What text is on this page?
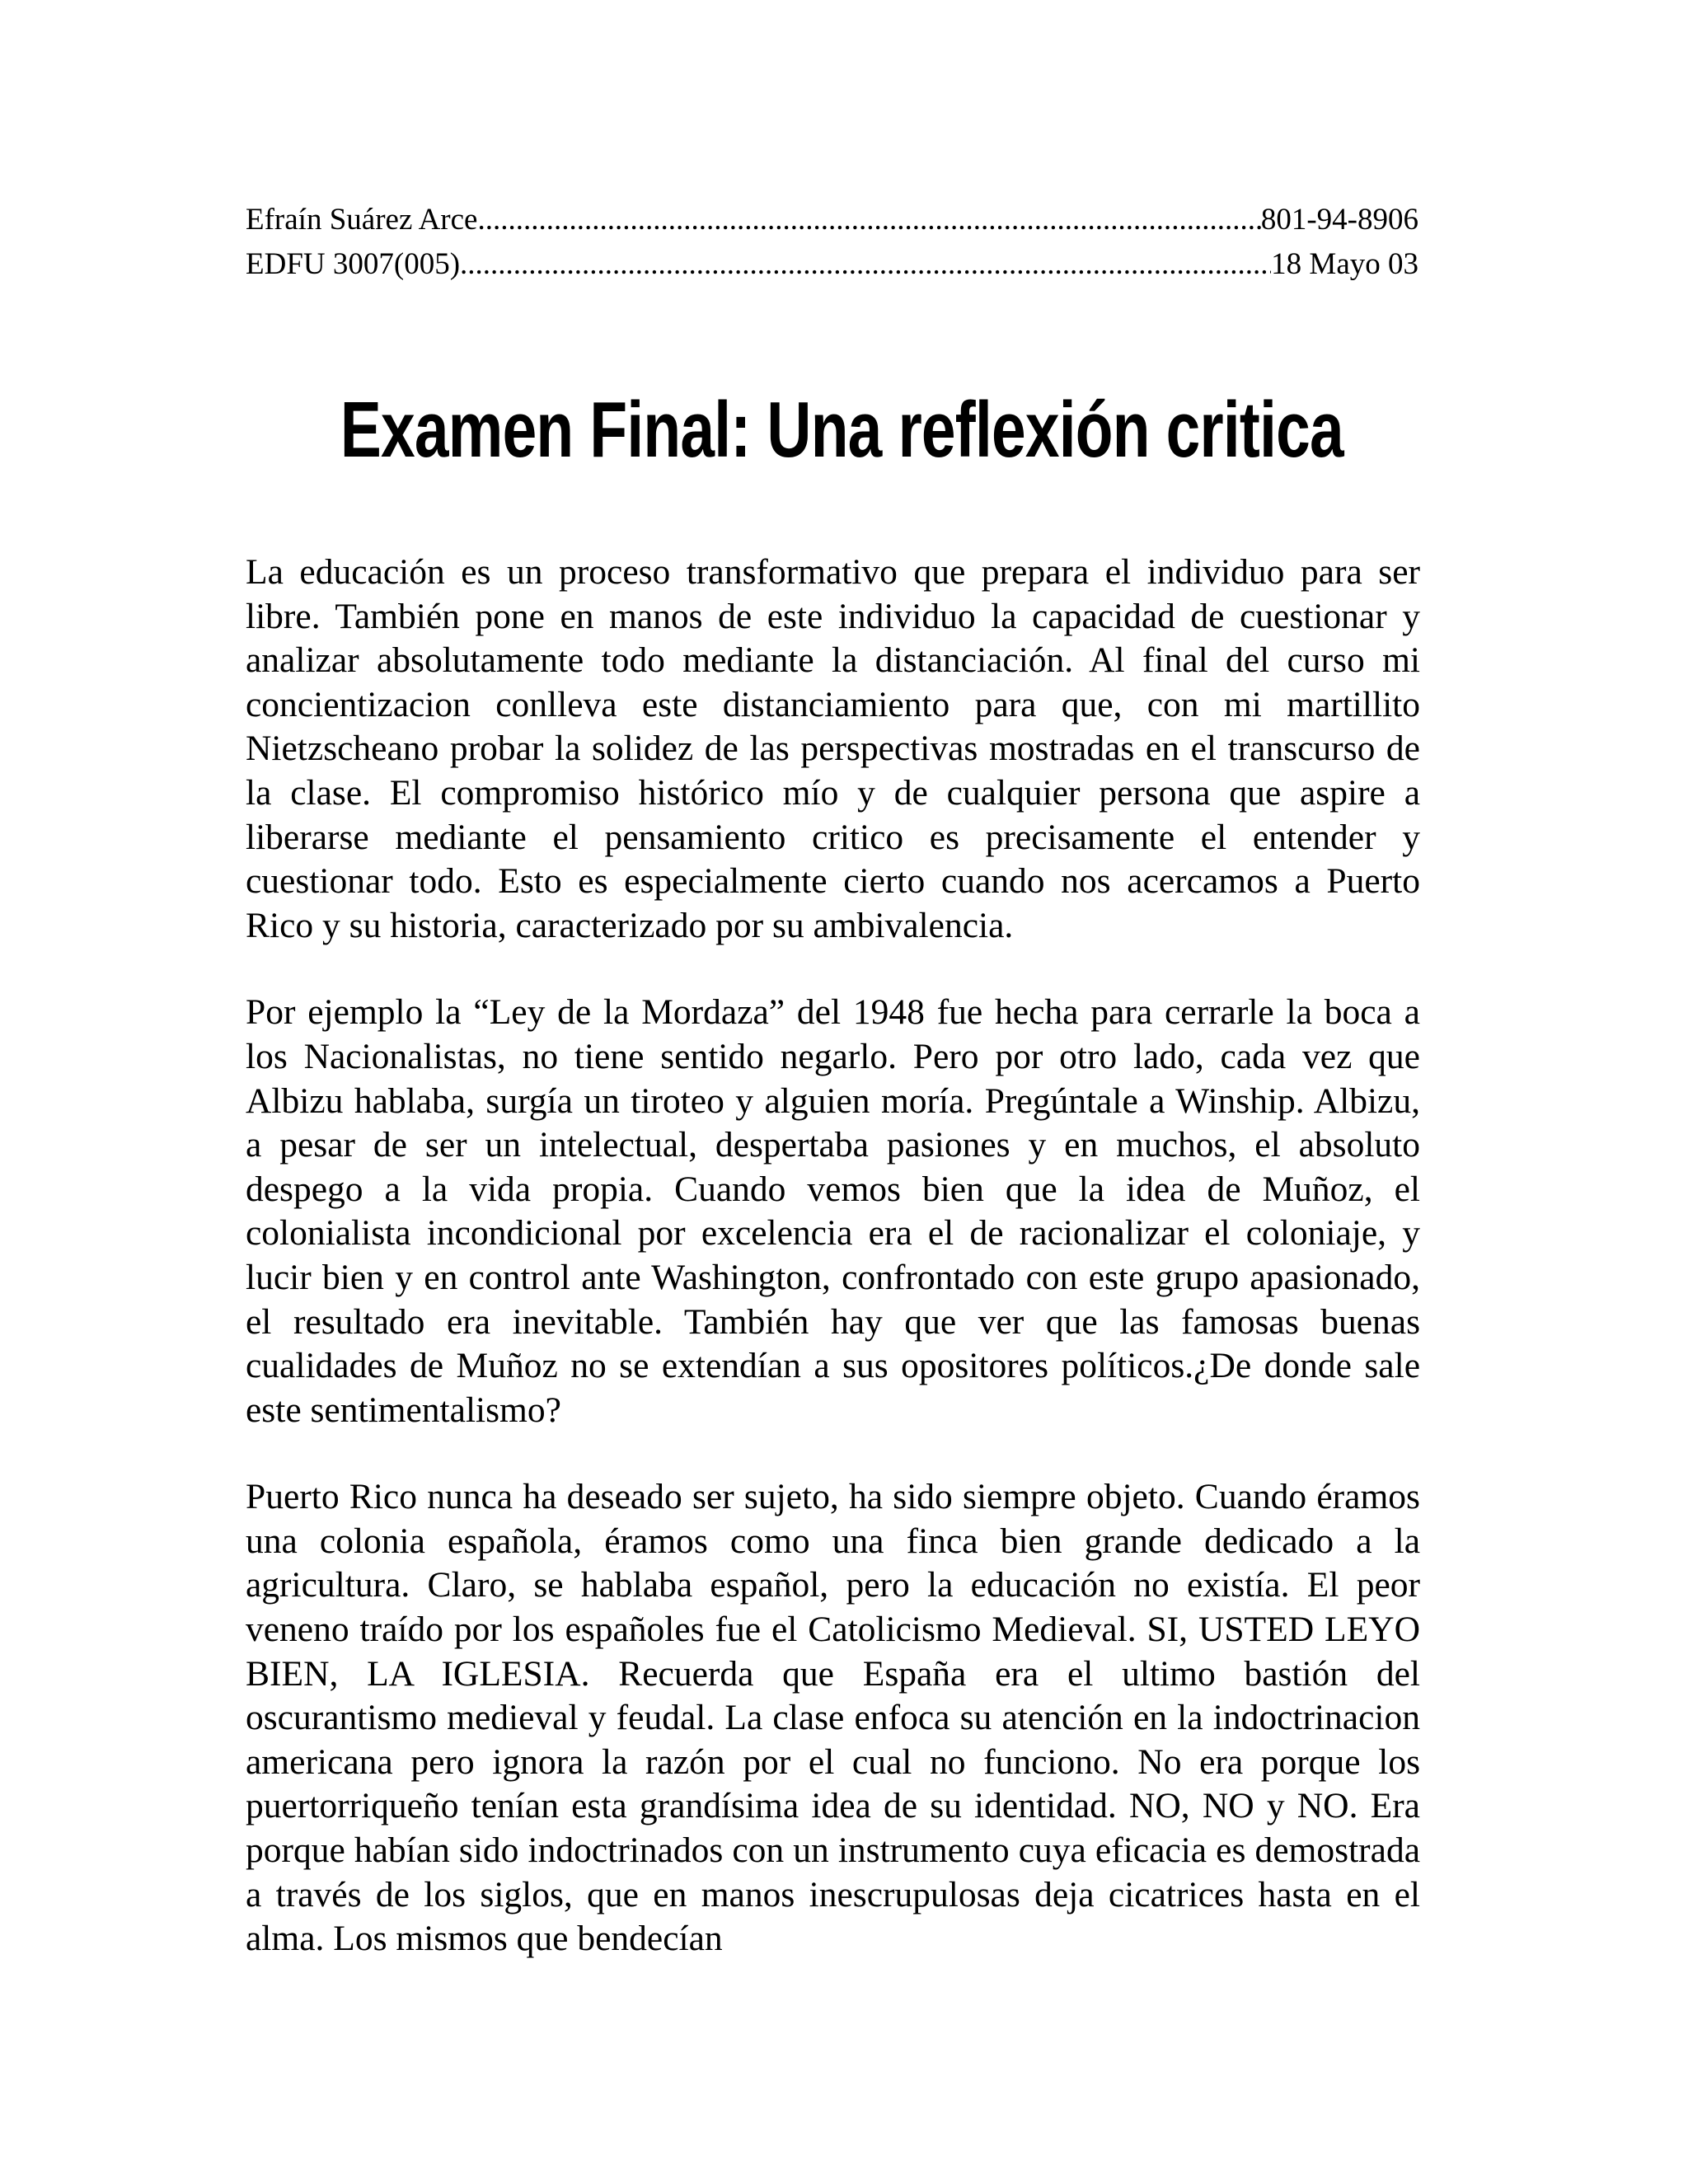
Efraín Suárez Arce .....	801-94-8906
EDFU 3007(005) .....	18 Mayo 03
Examen Final: Una reflexión critica

La educación es un proceso transformativo que prepara el individuo para ser libre. También pone en manos de este individuo la capacidad de cuestionar y analizar absolutamente todo mediante la distanciación. Al final del curso mi concientizacion conlleva este distanciamiento para que, con mi martillito Nietzscheano probar la solidez de las perspectivas mostradas en el transcurso de la clase. El compromiso histórico mío y de cualquier persona que aspire a liberarse mediante el pensamiento critico es precisamente el entender y cuestionar todo. Esto es especialmente cierto cuando nos acercamos a Puerto Rico y su historia, caracterizado por su ambivalencia.

Por ejemplo la “Ley de la Mordaza” del 1948 fue hecha para cerrarle la boca a los Nacionalistas, no tiene sentido negarlo. Pero por otro lado, cada vez que Albizu hablaba, surgía un tiroteo y alguien moría. Pregúntale a Winship. Albizu, a pesar de ser un intelectual, despertaba pasiones y en muchos, el absoluto despego a la vida propia. Cuando vemos bien que la idea de Muñoz, el colonialista incondicional por excelencia era el de racionalizar el coloniaje, y lucir bien y en control ante Washington, confrontado con este grupo apasionado, el resultado era inevitable. También hay que ver que las famosas buenas cualidades de Muñoz no se extendían a sus opositores políticos.¿De donde sale este sentimentalismo?

Puerto Rico nunca ha deseado ser sujeto, ha sido siempre objeto. Cuando éramos una colonia española, éramos como una finca bien grande dedicado a la agricultura. Claro, se hablaba español, pero la educación no existía. El peor veneno traído por los españoles fue el Catolicismo Medieval. SI, USTED LEYO BIEN, LA IGLESIA. Recuerda que España era el ultimo bastión del oscurantismo medieval y feudal. La clase enfoca su atención en la indoctrinacion americana pero ignora la razón por el cual no funciono. No era porque los puertorriqueño tenían esta grandísima idea de su identidad. NO, NO y NO. Era porque habían sido indoctrinados con un instrumento cuya eficacia es demostrada a través de los siglos, que en manos inescrupulosas deja cicatrices hasta en el alma. Los mismos que bendecían
